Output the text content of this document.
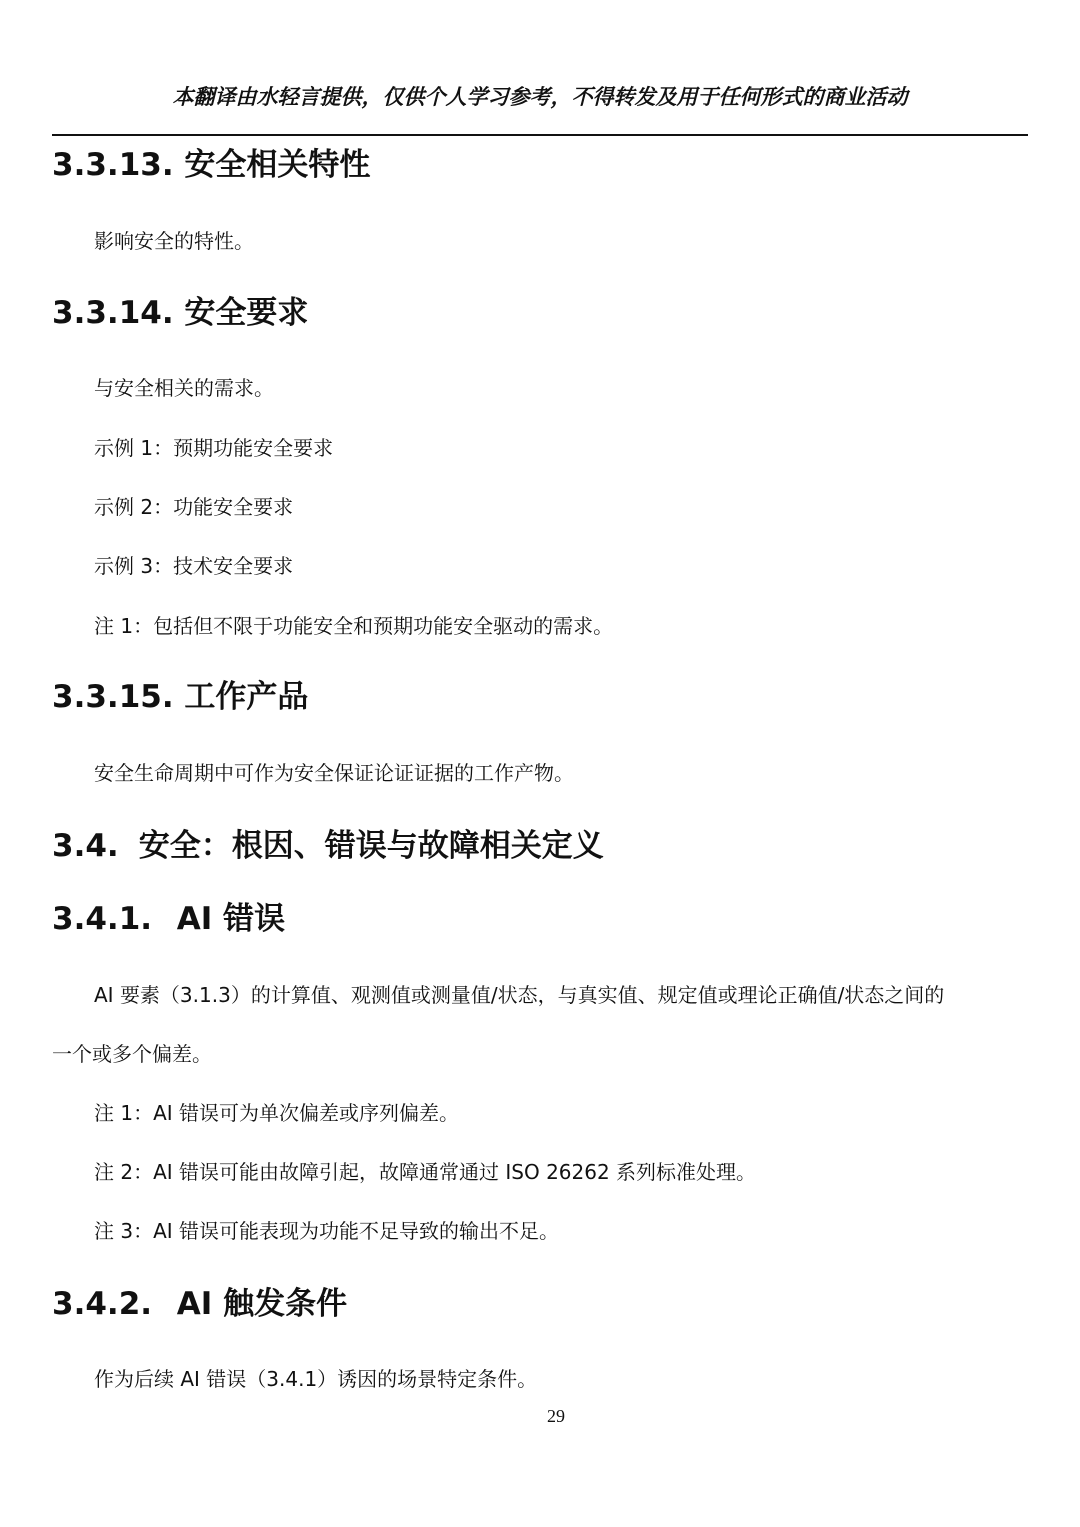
本翻译由水轻言提供，仅供个人学习参考，不得转发及用于任何形式的商业活动
3.3.13. 安全相关特性
影响安全的特性。
3.3.14. 安全要求
与安全相关的需求。
示例 1：预期功能安全要求
示例 2：功能安全要求
示例 3：技术安全要求
注 1：包括但不限于功能安全和预期功能安全驱动的需求。
3.3.15. 工作产品
安全生命周期中可作为安全保证论证证据的工作产物。
3.4. 安全：根因、错误与故障相关定义
3.4.1. AI 错误
AI 要素（3.1.3）的计算值、观测值或测量值/状态，与真实值、规定值或理论正确值/状态之间的
一个或多个偏差。
注 1：AI 错误可为单次偏差或序列偏差。
注 2：AI 错误可能由故障引起，故障通常通过 ISO 26262 系列标准处理。
注 3：AI 错误可能表现为功能不足导致的输出不足。
3.4.2. AI 触发条件
作为后续 AI 错误（3.4.1）诱因的场景特定条件。
29
